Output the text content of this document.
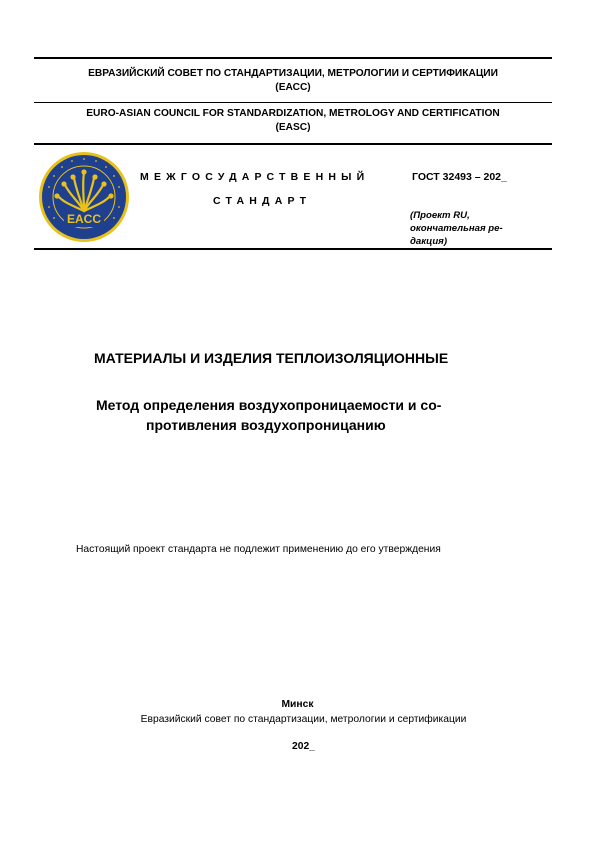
ЕВРАЗИЙСКИЙ СОВЕТ ПО СТАНДАРТИЗАЦИИ, МЕТРОЛОГИИ И СЕРТИФИКАЦИИ
(ЕАСС)
EURO-ASIAN COUNCIL FOR STANDARDIZATION, METROLOGY AND CERTIFICATION
(EASC)
EACC
МЕЖГОСУДАРСТВЕННЫЙ
СТАНДАРТ
ГОСТ 32493 – 202_
(Проект RU,
окончательная ре-
дакция)
МАТЕРИАЛЫ И ИЗДЕЛИЯ ТЕПЛОИЗОЛЯЦИОННЫЕ
Метод определения воздухопроницаемости и со-
противления воздухопроницанию
Настоящий проект стандарта не подлежит применению до его утверждения
Минск
Евразийский совет по стандартизации, метрологии и сертификации
202_
